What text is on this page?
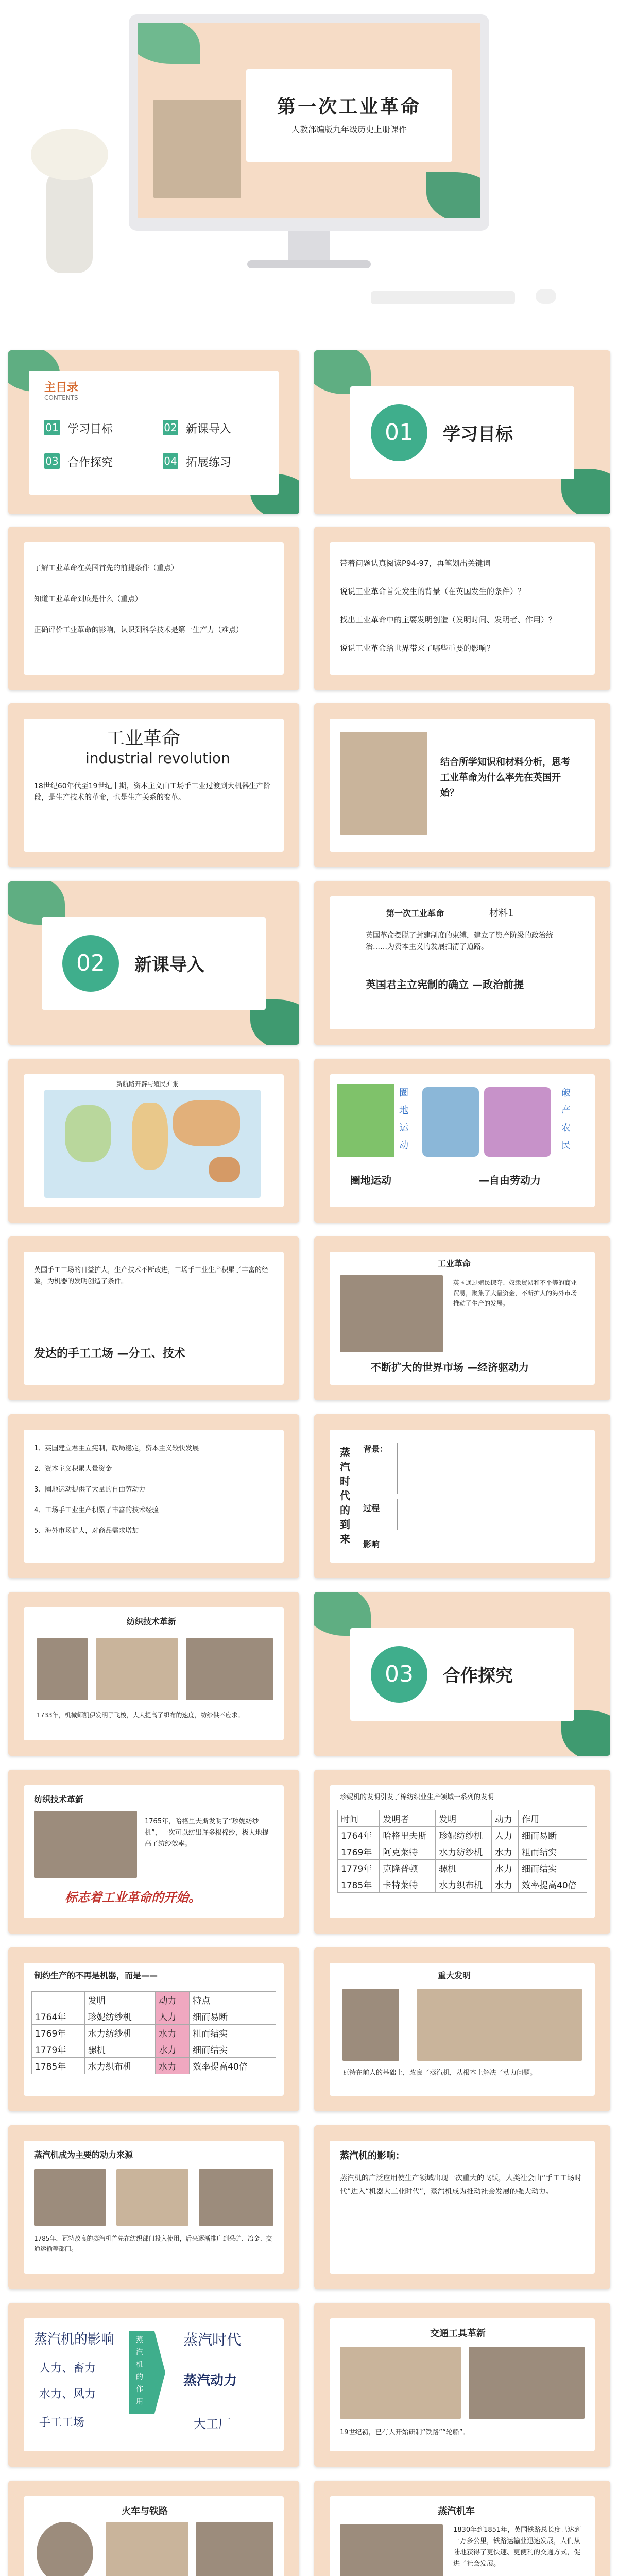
第一次工业革命
人教部编版九年级历史上册课件
主目录
CONTENTS
01 学习目标	02 新课导入
03 合作探究	04 拓展练习
01	学习目标
了解工业革命在英国首先的前提条件（重点）
知道工业革命到底是什么（重点）
正确评价工业革命的影响，认识到科学技术是第一生产力（难点）
带着问题认真阅读P94-97，再笔划出关键词
说说工业革命首先发生的背景（在英国发生的条件）？
找出工业革命中的主要发明创造（发明时间、发明者、作用）？
说说工业革命给世界带来了哪些重要的影响？
工业革命
industrial revolution
18世纪60年代至19世纪中期，资本主义由工场手工业过渡到大机器生产阶段，是生产技术的革命，也是生产关系的变革。
结合所学知识和材料分析，思考工业革命为什么率先在英国开始？
02	新课导入
第一次工业革命	材料1
英国革命摆脱了封建制度的束缚，建立了资产阶级的政治统治……为资本主义的发展扫清了道路。
英国君主立宪制的确立 —政治前提
新航路开辟与殖民扩张
圈
地
运
动
破
产
农
民
圈地运动	—自由劳动力
英国手工工场的日益扩大，生产技术不断改进，工场手工业生产积累了丰富的经验，为机器的发明创造了条件。
发达的手工工场 —分工、技术
工业革命
英国通过殖民掠夺、奴隶贸易和不平等的商业贸易，聚集了大量资金，不断扩大的海外市场推动了生产的发展。
不断扩大的世界市场 —经济驱动力
1、英国建立君主立宪制，政局稳定，资本主义较快发展
2、资本主义积累大量资金
3、圈地运动提供了大量的自由劳动力
4、工场手工业生产积累了丰富的技术经验
5、海外市场扩大，对商品需求增加
蒸汽时代的到来
背景：
过程
影响
纺织技术革新
1733年，机械师凯伊发明了飞梭，大大提高了织布的速度，纺纱供不应求。
03	合作探究
纺织技术革新
1765年，哈格里夫斯发明了“珍妮纺纱机”，一次可以纺出许多根棉纱，极大地提高了纺纱效率。
标志着工业革命的开始。
珍妮机的发明引发了棉纺织业生产领域一系列的发明
时间	发明者	发明	动力	作用
1764年	哈格里夫斯	珍妮纺纱机	人力	细而易断
1769年	阿克莱特	水力纺纱机	水力	粗而结实
1779年	克隆普顿	骡机	水力	细而结实
1785年	卡特莱特	水力织布机	水力	效率提高40倍
制约生产的不再是机器，而是——
	发明	动力	特点
1764年	珍妮纺纱机	人力	细而易断
1769年	水力纺纱机	水力	粗而结实
1779年	骡机	水力	细而结实
1785年	水力织布机	水力	效率提高40倍
重大发明
瓦特在前人的基础上，改良了蒸汽机，从根本上解决了动力问题。
蒸汽机成为主要的动力来源
1785年，瓦特改良的蒸汽机首先在纺织部门投入使用，后来逐渐推广到采矿、冶金、交通运输等部门。
蒸汽机的影响：
蒸汽机的广泛应用使生产领域出现一次重大的飞跃，人类社会由“手工工场时代”进入“机器大工业时代”，蒸汽机成为推动社会发展的强大动力。
蒸汽机的影响	蒸汽时代
蒸
汽
机
的
作
用
人力、畜力
水力、风力
手工工场
蒸汽动力
大工厂
交通工具革新
19世纪初，已有人开始研制“铁路”“轮船”。
火车与铁路	蒸汽机车
1830年到1851年，英国铁路总长度已达到一万多公里，铁路运输业迅速发展，人们从陆地获得了更快速、更便利的交通方式，促进了社会发展。
